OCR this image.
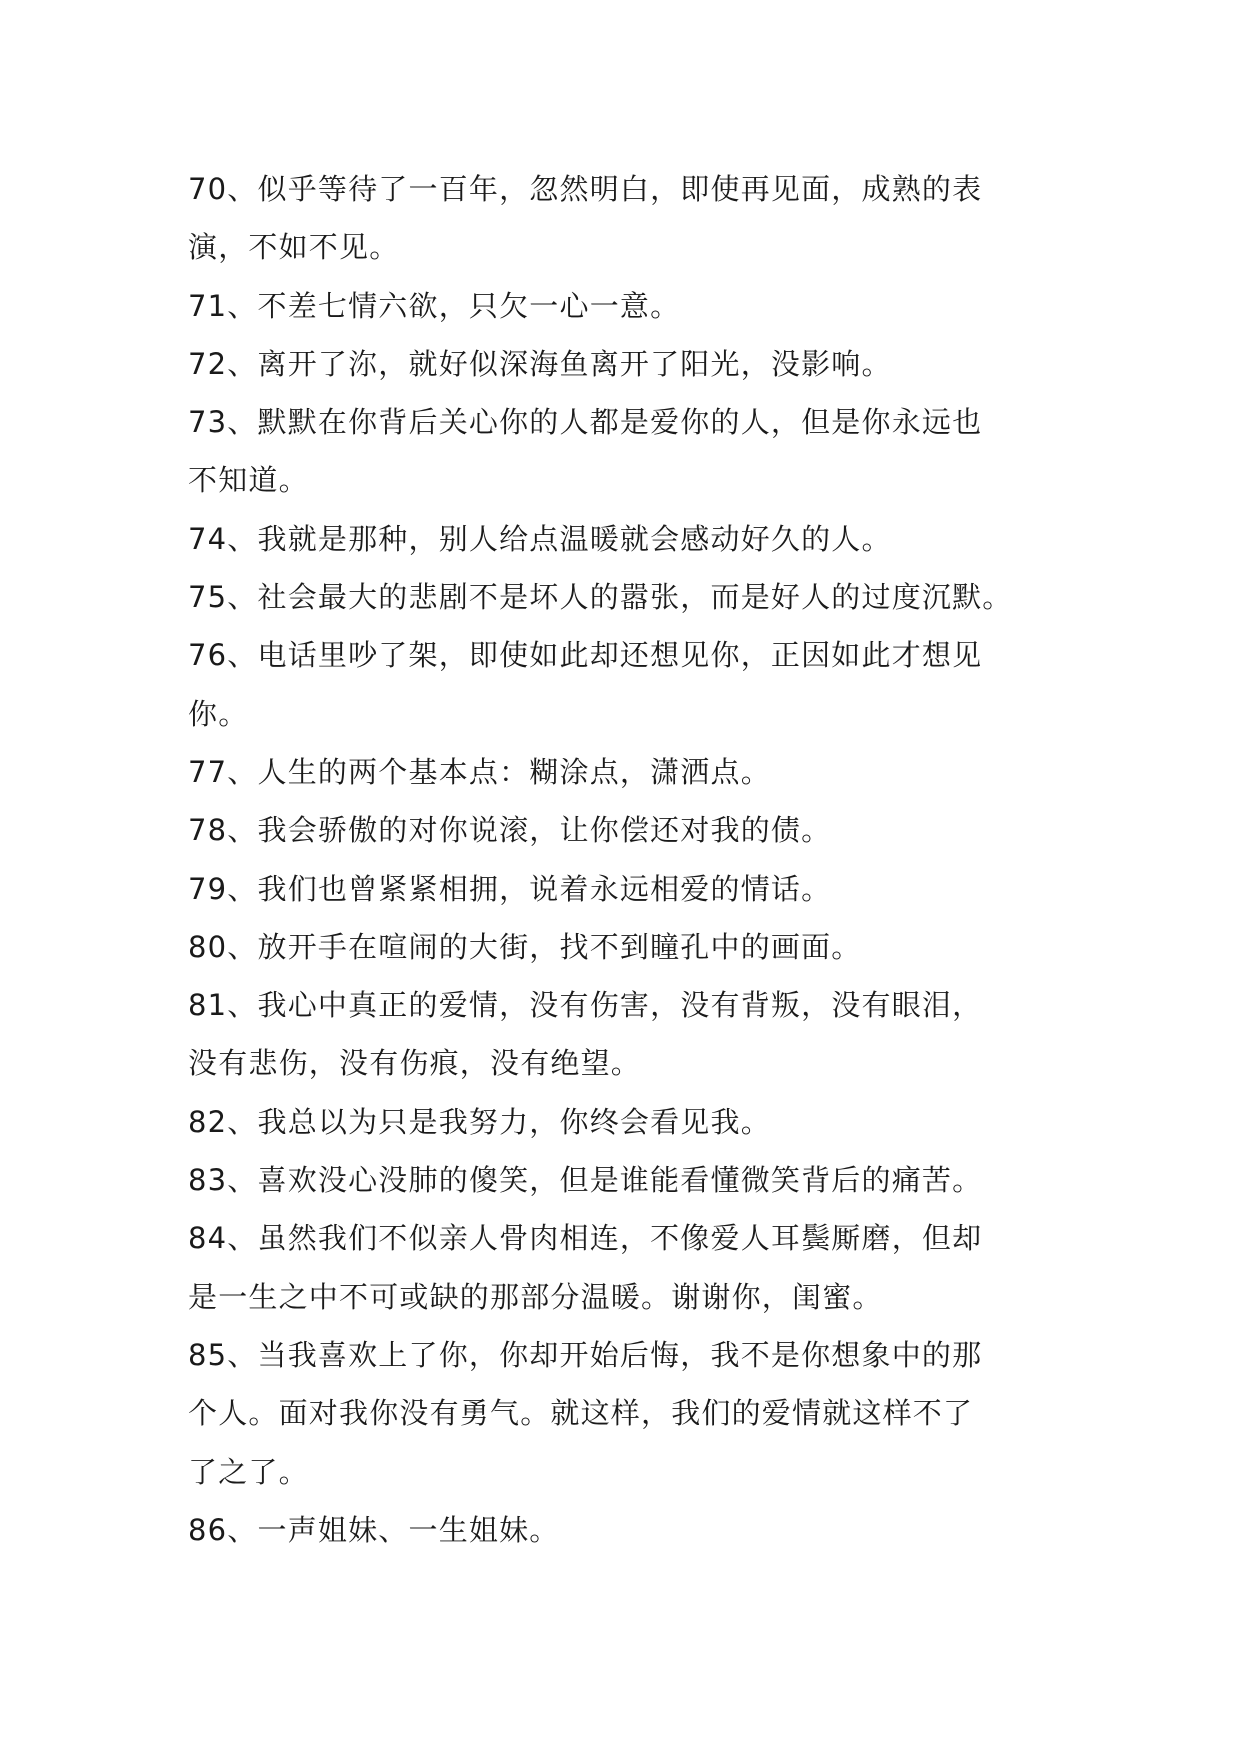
70、似乎等待了一百年，忽然明白，即使再见面，成熟的表
演，不如不见。
71、不差七情六欲，只欠一心一意。
72、离开了沵，就好似深海鱼离开了阳光，没影响。
73、默默在你背后关心你的人都是爱你的人，但是你永远也
不知道。
74、我就是那种，别人给点温暖就会感动好久的人。
75、社会最大的悲剧不是坏人的嚣张，而是好人的过度沉默。
76、电话里吵了架，即使如此却还想见你，正因如此才想见
你。
77、人生的两个基本点：糊涂点，潇洒点。
78、我会骄傲的对你说滚，让你偿还对我的债。
79、我们也曾紧紧相拥，说着永远相爱的情话。
80、放开手在喧闹的大街，找不到瞳孔中的画面。
81、我心中真正的爱情，没有伤害，没有背叛，没有眼泪，
没有悲伤，没有伤痕，没有绝望。
82、我总以为只是我努力，你终会看见我。
83、喜欢没心没肺的傻笑，但是谁能看懂微笑背后的痛苦。
84、虽然我们不似亲人骨肉相连，不像爱人耳鬓厮磨，但却
是一生之中不可或缺的那部分温暖。谢谢你，闺蜜。
85、当我喜欢上了你，你却开始后悔，我不是你想象中的那
个人。面对我你没有勇气。就这样，我们的爱情就这样不了
了之了。
86、一声姐妹、一生姐妹。
